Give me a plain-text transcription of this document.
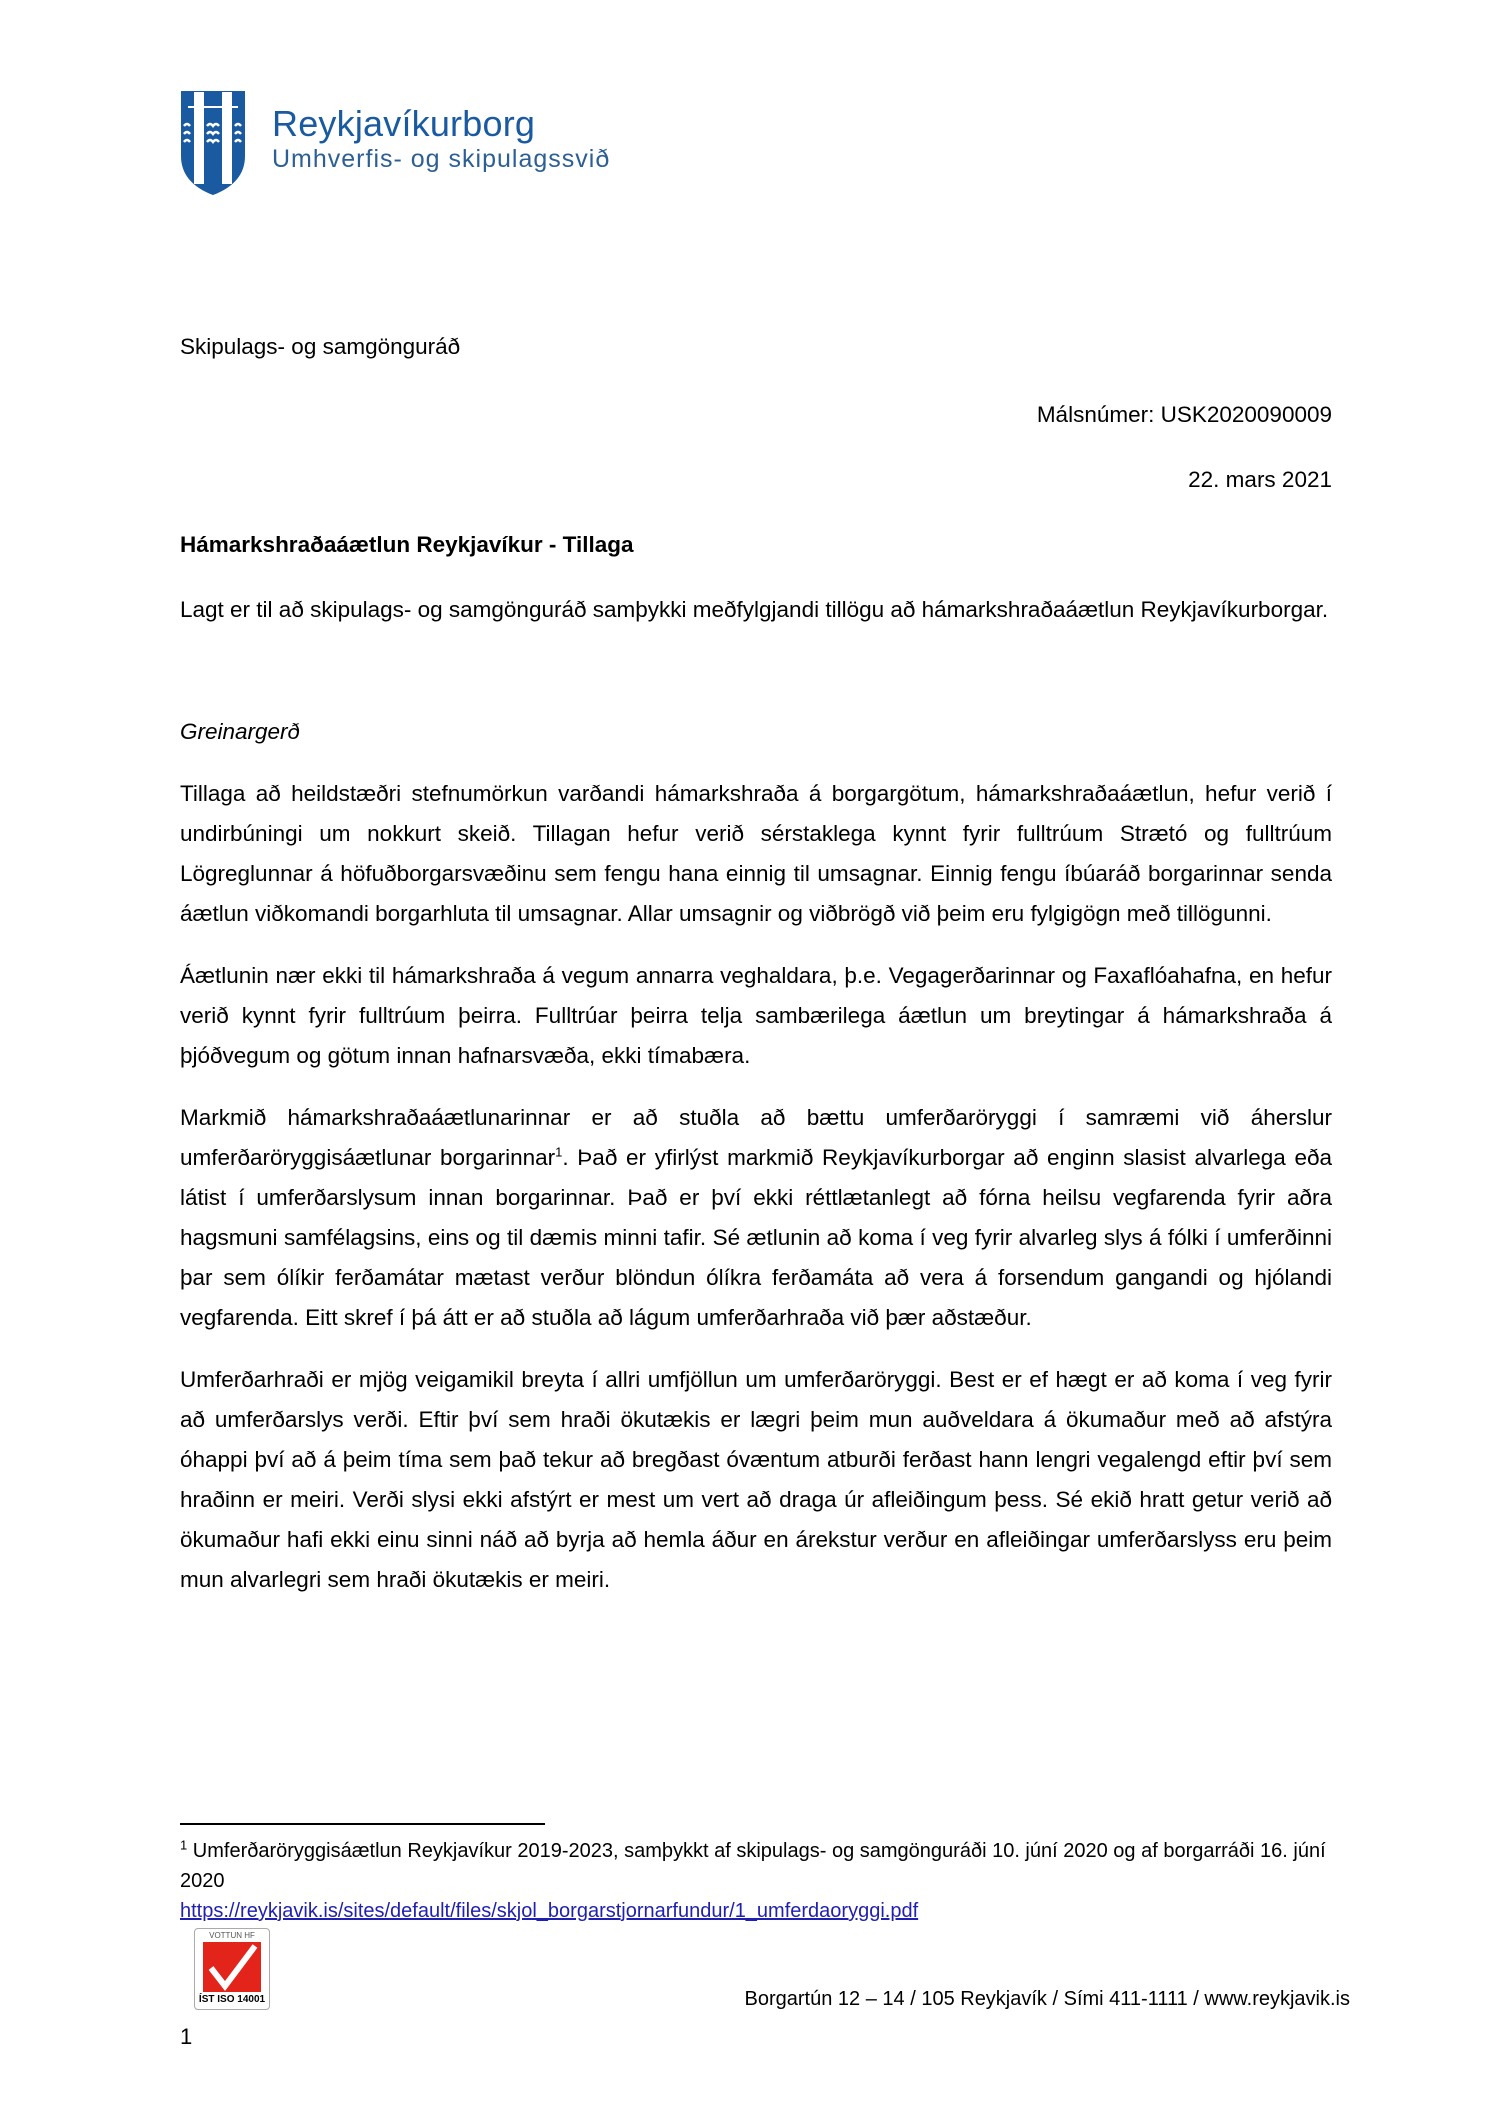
Reykjavíkurborg
Umhverfis- og skipulagssvið
Skipulags- og samgönguráð
Málsnúmer: USK2020090009
22. mars 2021
Hámarkshraðaáætlun Reykjavíkur - Tillaga

Lagt er til að skipulags- og samgönguráð samþykki meðfylgjandi tillögu að hámarkshraðaáætlun Reykjavíkurborgar.

Greinargerð

Tillaga að heildstæðri stefnumörkun varðandi hámarkshraða á borgargötum, hámarkshraðaáætlun, hefur verið í undirbúningi um nokkurt skeið. Tillagan hefur verið sérstaklega kynnt fyrir fulltrúum Strætó og fulltrúum Lögreglunnar á höfuðborgarsvæðinu sem fengu hana einnig til umsagnar. Einnig fengu íbúaráð borgarinnar senda áætlun viðkomandi borgarhluta til umsagnar. Allar umsagnir og viðbrögð við þeim eru fylgigögn með tillögunni.

Áætlunin nær ekki til hámarkshraða á vegum annarra veghaldara, þ.e. Vegagerðarinnar og Faxaflóahafna, en hefur verið kynnt fyrir fulltrúum þeirra. Fulltrúar þeirra telja sambærilega áætlun um breytingar á hámarkshraða á þjóðvegum og götum innan hafnarsvæða, ekki tímabæra.

Markmið hámarkshraðaáætlunarinnar er að stuðla að bættu umferðaröryggi í samræmi við áherslur umferðaröryggisáætlunar borgarinnar$^1$. Það er yfirlýst markmið Reykjavíkurborgar að enginn slasist alvarlega eða látist í umferðarslysum innan borgarinnar. Það er því ekki réttlætanlegt að fórna heilsu vegfarenda fyrir aðra hagsmuni samfélagsins, eins og til dæmis minni tafir. Sé ætlunin að koma í veg fyrir alvarleg slys á fólki í umferðinni þar sem ólíkir ferðamátar mætast verður blöndun ólíkra ferðamáta að vera á forsendum gangandi og hjólandi vegfarenda. Eitt skref í þá átt er að stuðla að lágum umferðarhraða við þær aðstæður.

Umferðarhraði er mjög veigamikil breyta í allri umfjöllun um umferðaröryggi. Best er ef hægt er að koma í veg fyrir að umferðarslys verði. Eftir því sem hraði ökutækis er lægri þeim mun auðveldara á ökumaður með að afstýra óhappi því að á þeim tíma sem það tekur að bregðast óvæntum atburði ferðast hann lengri vegalengd eftir því sem hraðinn er meiri. Verði slysi ekki afstýrt er mest um vert að draga úr afleiðingum þess. Sé ekið hratt getur verið að ökumaður hafi ekki einu sinni náð að byrja að hemla áður en árekstur verður en afleiðingar umferðarslyss eru þeim mun alvarlegri sem hraði ökutækis er meiri.

$^1$ Umferðaröryggisáætlun Reykjavíkur 2019-2023, samþykkt af skipulags- og samgönguráði 10. júní 2020 og af borgarráði 16. júní 2020
https://reykjavik.is/sites/default/files/skjol_borgarstjornarfundur/1_umferdaoryggi.pdf
VOTTUN HF
ÍST ISO 14001	Borgartún 12 – 14 / 105 Reykjavík / Sími 411-1111 / www.reykjavik.is
1
